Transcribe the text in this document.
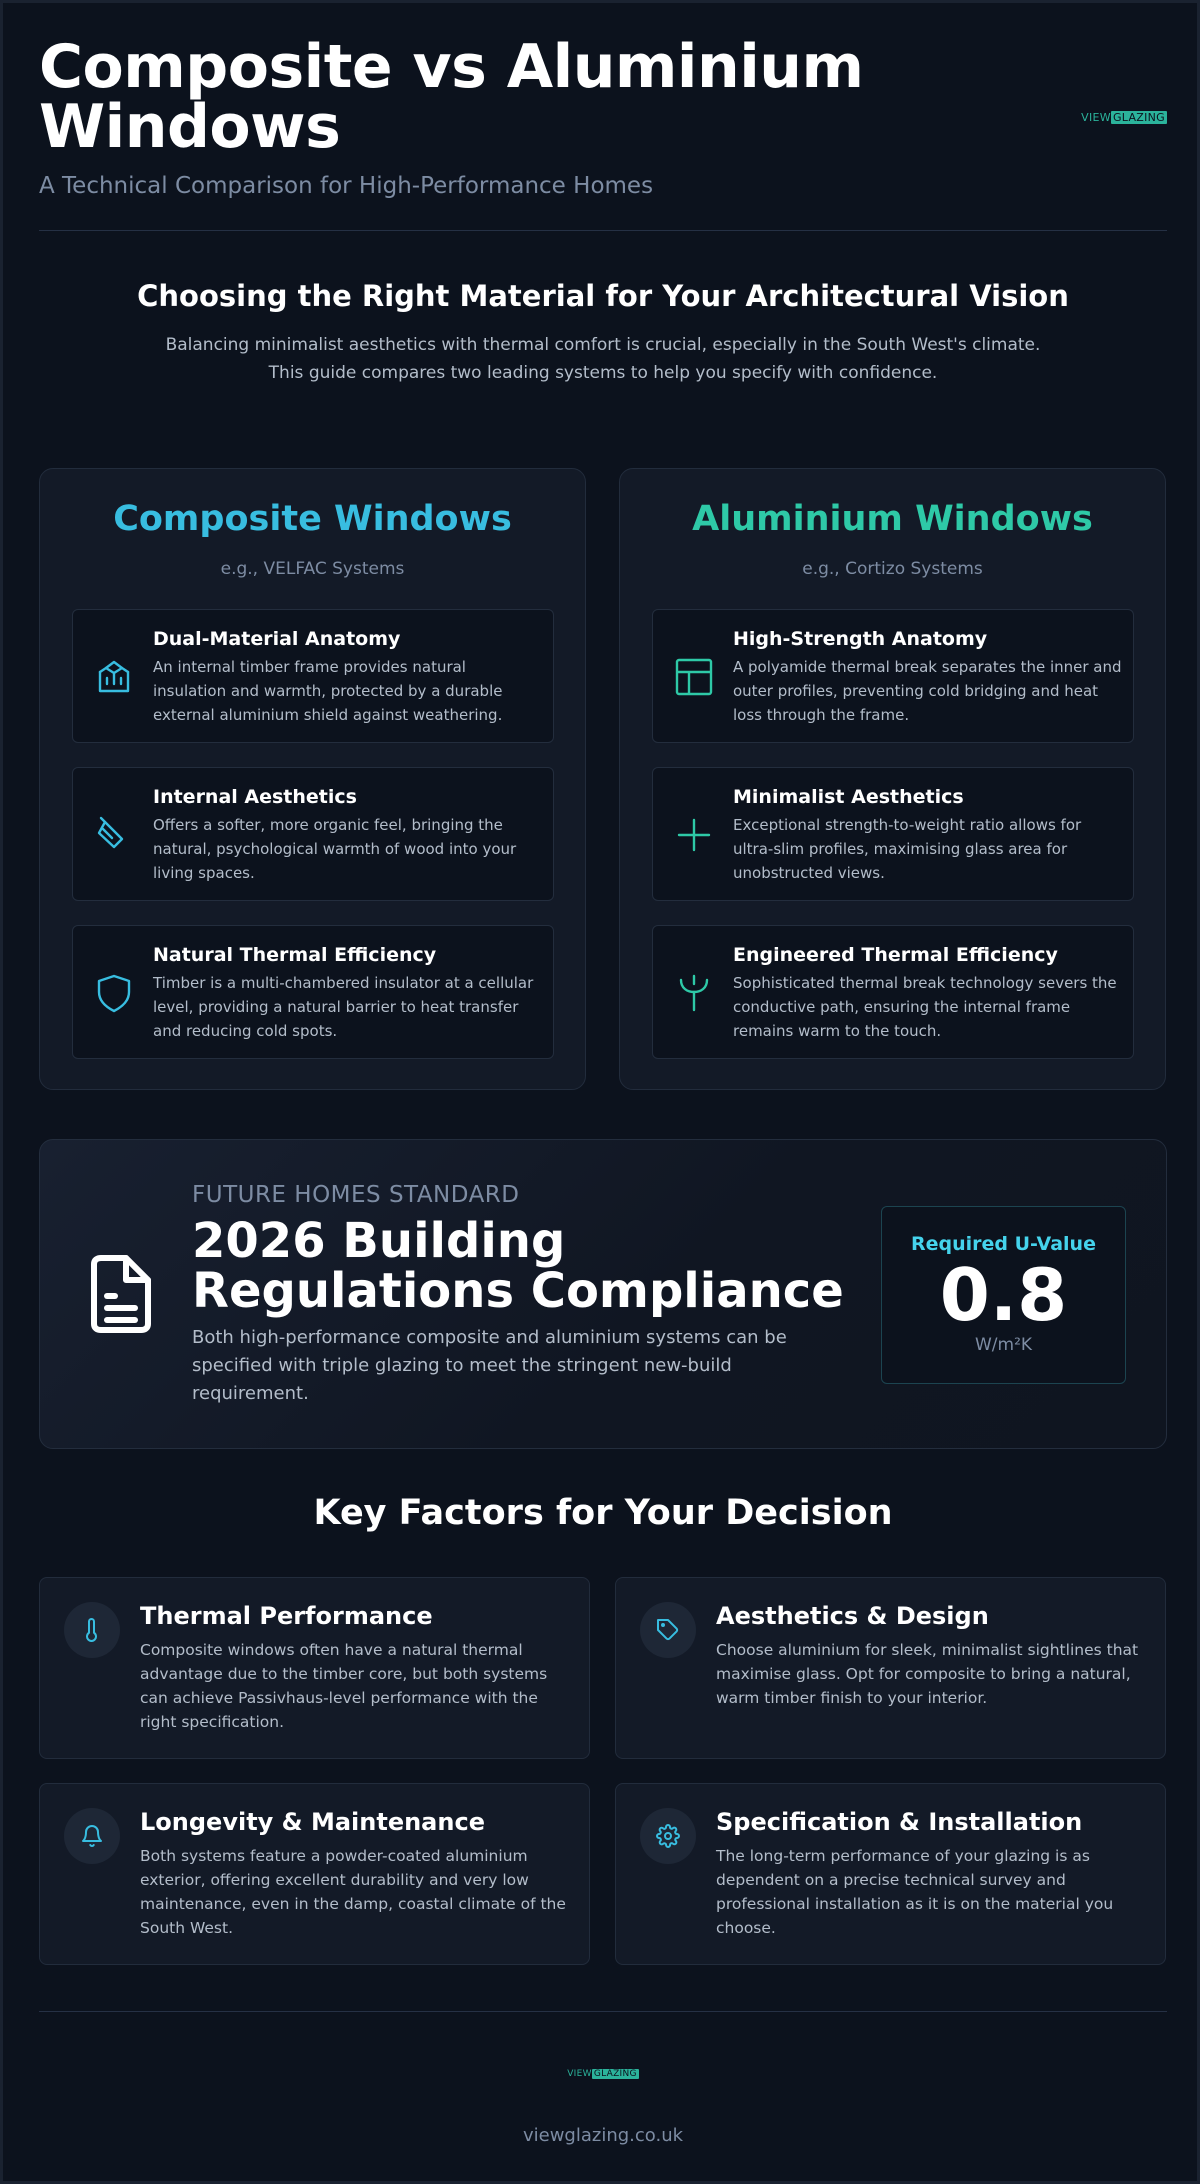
Composite vs Aluminium Windows
A Technical Comparison for High-Performance Homes
VIEW GLAZING
Choosing the Right Material for Your Architectural Vision

Balancing minimalist aesthetics with thermal comfort is crucial, especially in the South West's climate. This guide compares two leading systems to help you specify with confidence.

Composite Windows
e.g., VELFAC Systems
Dual-Material Anatomy
An internal timber frame provides natural insulation and warmth, protected by a durable external aluminium shield against weathering.
Internal Aesthetics
Offers a softer, more organic feel, bringing the natural, psychological warmth of wood into your living spaces.
Natural Thermal Efficiency
Timber is a multi-chambered insulator at a cellular level, providing a natural barrier to heat transfer and reducing cold spots.
Aluminium Windows
e.g., Cortizo Systems
High-Strength Anatomy
A polyamide thermal break separates the inner and outer profiles, preventing cold bridging and heat loss through the frame.
Minimalist Aesthetics
Exceptional strength-to-weight ratio allows for ultra-slim profiles, maximising glass area for unobstructed views.
Engineered Thermal Efficiency
Sophisticated thermal break technology severs the conductive path, ensuring the internal frame remains warm to the touch.
FUTURE HOMES STANDARD
2026 Building Regulations Compliance

Both high-performance composite and aluminium systems can be specified with triple glazing to meet the stringent new-build requirement.

Required U-Value
0.8
W/m²K
Key Factors for Your Decision
Thermal Performance
Composite windows often have a natural thermal advantage due to the timber core, but both systems can achieve Passivhaus-level performance with the right specification.
Aesthetics & Design
Choose aluminium for sleek, minimalist sightlines that maximise glass. Opt for composite to bring a natural, warm timber finish to your interior.
Longevity & Maintenance
Both systems feature a powder-coated aluminium exterior, offering excellent durability and very low maintenance, even in the damp, coastal climate of the South West.
Specification & Installation
The long-term performance of your glazing is as dependent on a precise technical survey and professional installation as it is on the material you choose.
VIEW GLAZING
viewglazing.co.uk
